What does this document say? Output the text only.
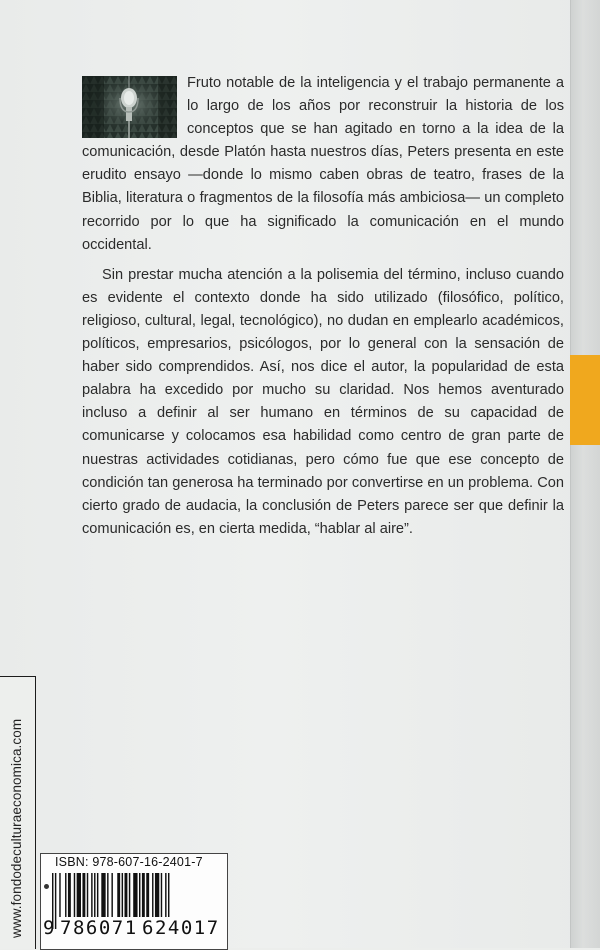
Fruto notable de la inteligencia y el trabajo permanente a lo largo de los años por reconstruir la historia de los conceptos que se han agitado en torno a la idea de la comunicación, desde Platón hasta nuestros días, Peters presenta en este erudito ensayo —donde lo mismo caben obras de teatro, frases de la Biblia, literatura o fragmentos de la filosofía más ambiciosa— un completo recorrido por lo que ha significado la comunicación en el mundo occidental.

Sin prestar mucha atención a la polisemia del término, incluso cuando es evidente el contexto donde ha sido utilizado (filosófico, político, religioso, cultural, legal, tecnológico), no dudan en emplearlo académicos, políticos, empresarios, psicólogos, por lo general con la sensación de haber sido comprendidos. Así, nos dice el autor, la popularidad de esta palabra ha excedido por mucho su claridad. Nos hemos aventurado incluso a definir al ser humano en términos de su capacidad de comunicarse y colocamos esa habilidad como centro de gran parte de nuestras actividades cotidianas, pero cómo fue que ese concepto de condición tan generosa ha terminado por convertirse en un problema. Con cierto grado de audacia, la conclusión de Peters parece ser que definir la comunicación es, en cierta medida, “hablar al aire”.

www.fondodeculturaeconomica.com ISBN: 978-607-16-2401-7
9 786071 624017
